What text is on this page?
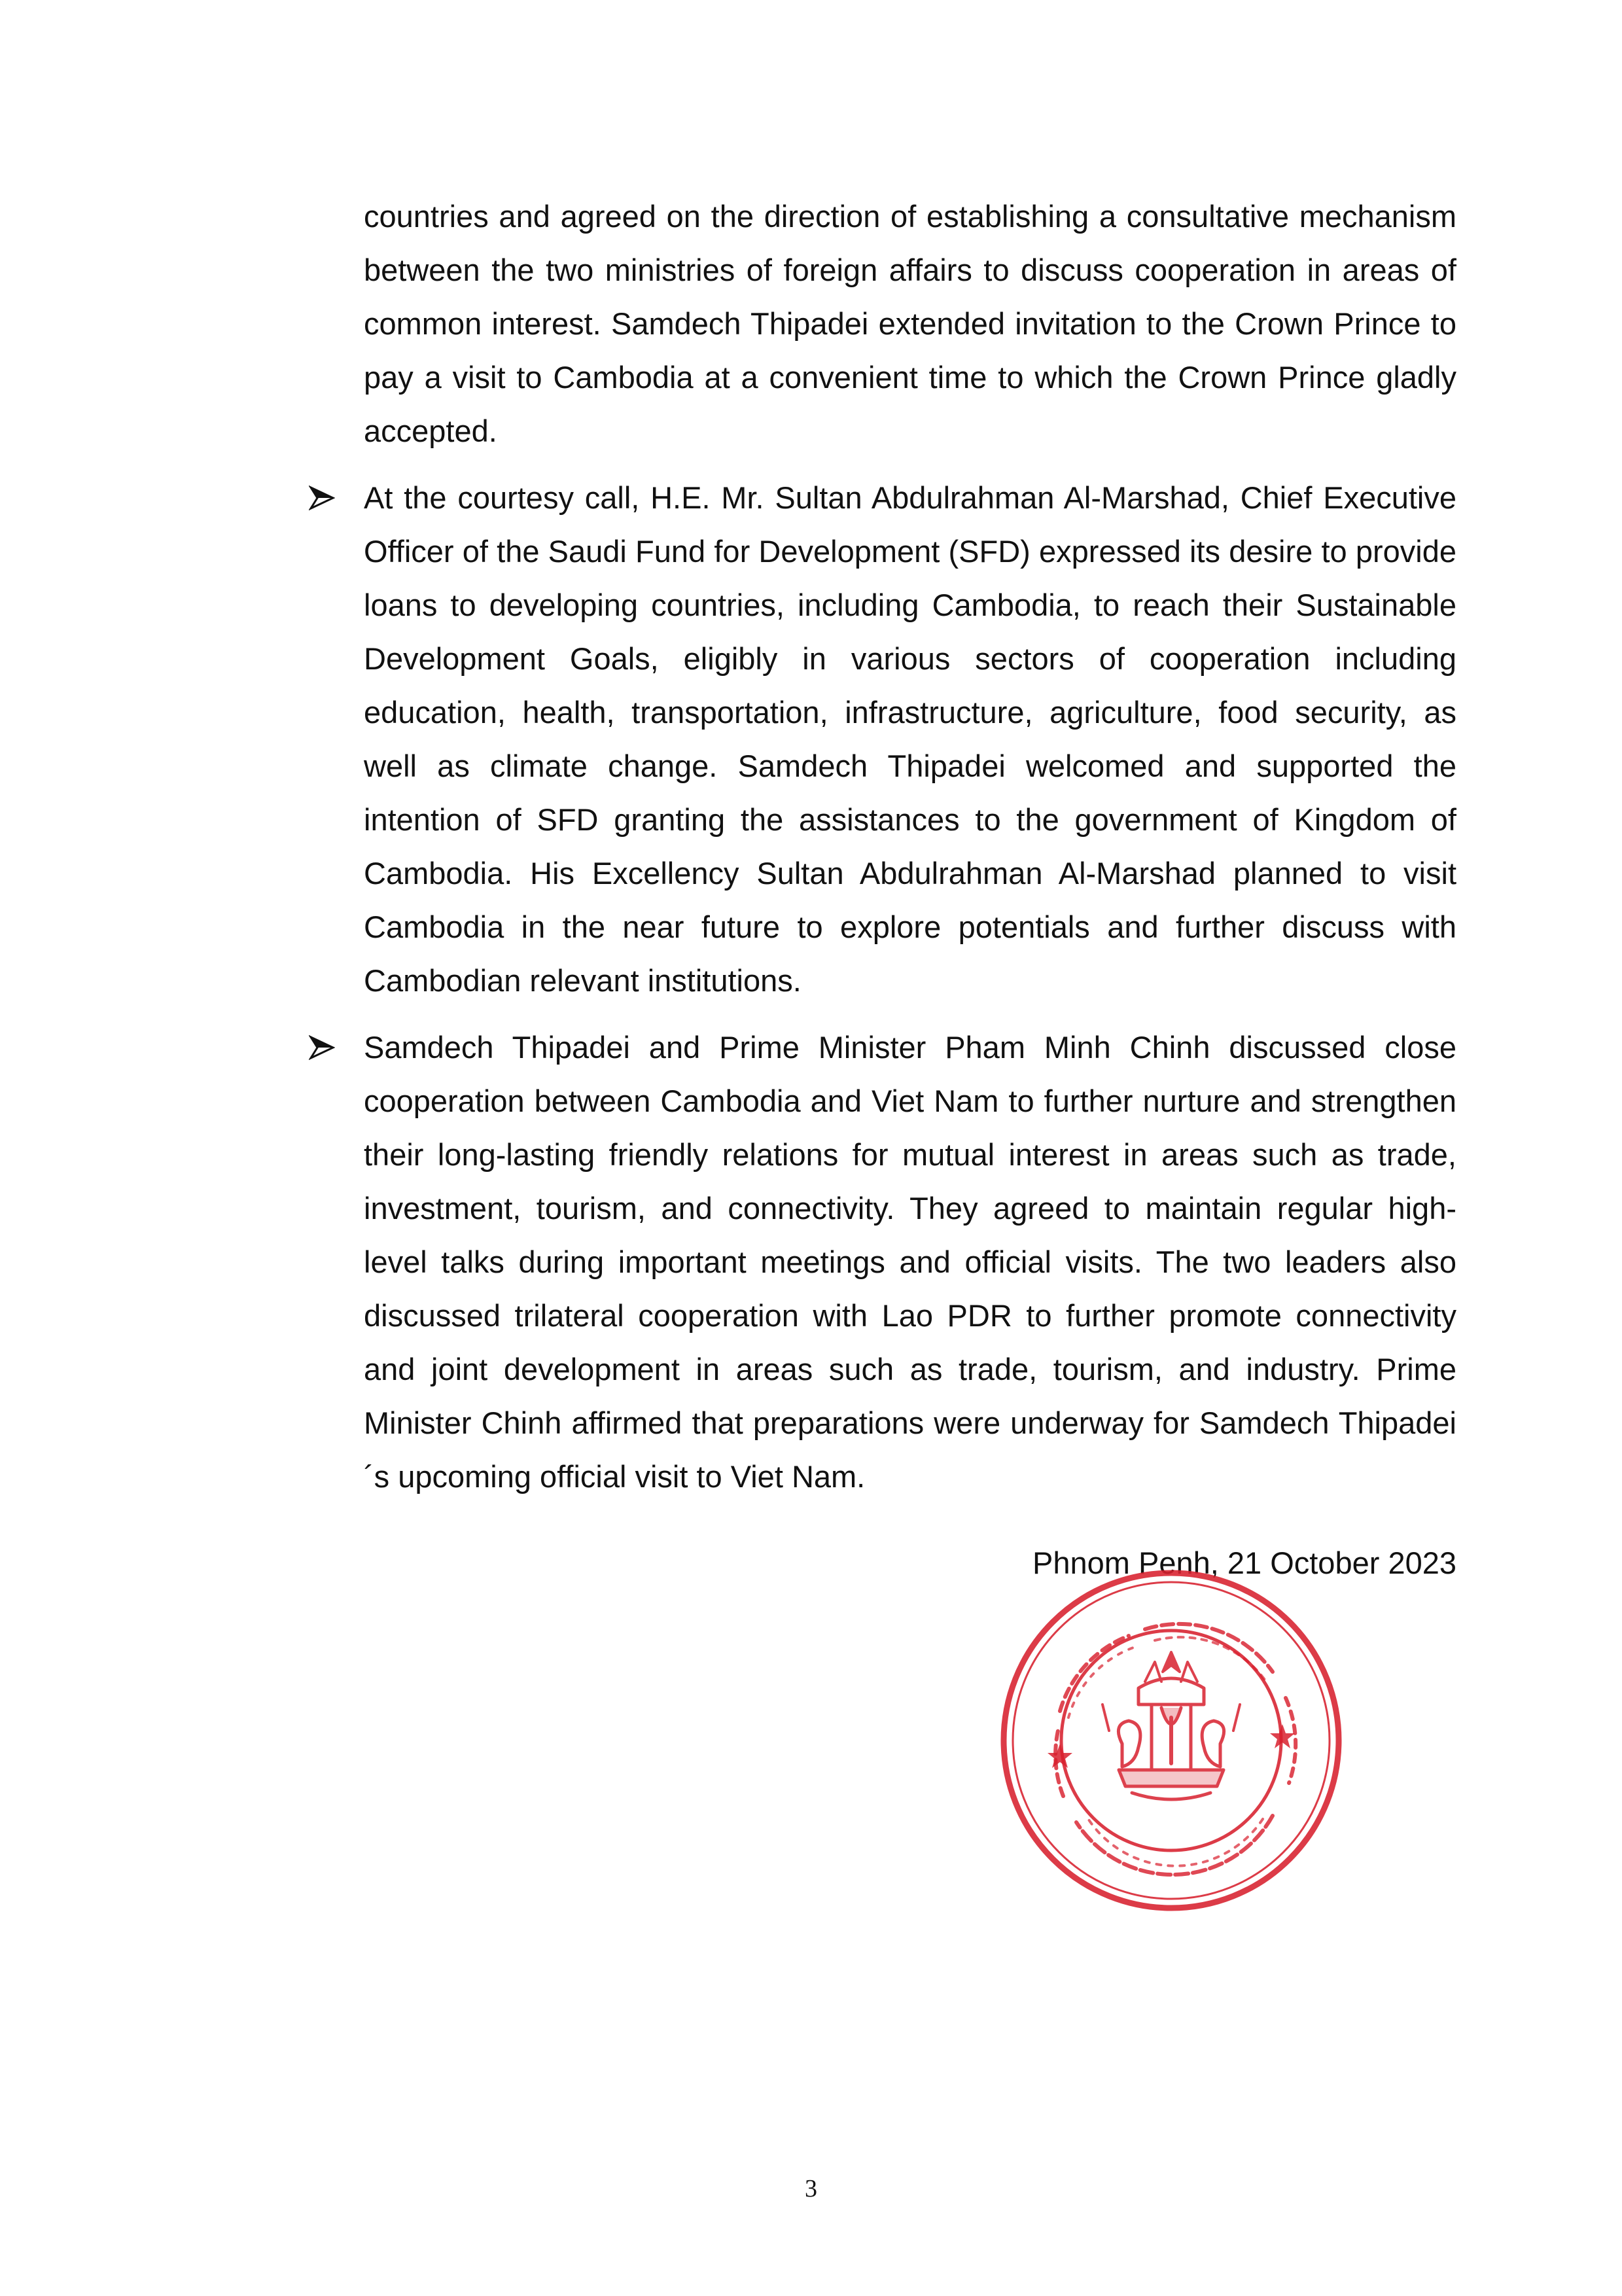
countries and agreed on the direction of establishing a consultative mechanism between the two ministries of foreign affairs to discuss cooperation in areas of common interest. Samdech Thipadei extended invitation to the Crown Prince to pay a visit to Cambodia at a convenient time to which the Crown Prince gladly accepted.

At the courtesy call, H.E. Mr. Sultan Abdulrahman Al-Marshad, Chief Executive Officer of the Saudi Fund for Development (SFD) expressed its desire to provide loans to developing countries, including Cambodia, to reach their Sustainable Development Goals, eligibly in various sectors of cooperation including education, health, transportation, infrastructure, agriculture, food security, as well as climate change. Samdech Thipadei welcomed and supported the intention of SFD granting the assistances to the government of Kingdom of Cambodia. His Excellency Sultan Abdulrahman Al-Marshad planned to visit Cambodia in the near future to explore potentials and further discuss with Cambodian relevant institutions.

Samdech Thipadei and Prime Minister Pham Minh Chinh discussed close cooperation between Cambodia and Viet Nam to further nurture and strengthen their long-lasting friendly relations for mutual interest in areas such as trade, investment, tourism, and connectivity. They agreed to maintain regular high-level talks during important meetings and official visits. The two leaders also discussed trilateral cooperation with Lao PDR to further promote connectivity and joint development in areas such as trade, tourism, and industry. Prime Minister Chinh affirmed that preparations were underway for Samdech Thipadei´s upcoming official visit to Viet Nam.

Phnom Penh, 21 October 2023
3
